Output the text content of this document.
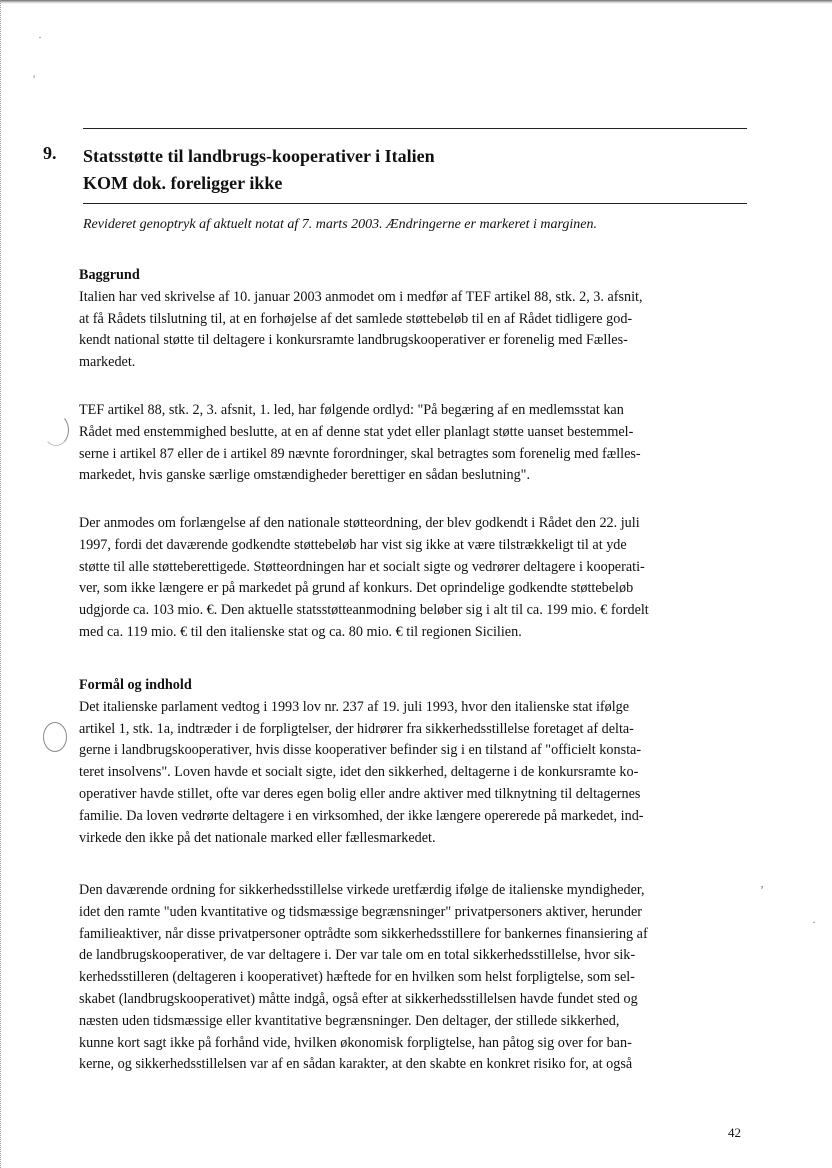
·
'
9. Statsstøtte til landbrugs-kooperativer i Italien
KOM dok. foreligger ikke
Revideret genoptryk af aktuelt notat af 7. marts 2003. Ændringerne er markeret i marginen.
Baggrund

Italien har ved skrivelse af 10. januar 2003 anmodet om i medfør af TEF artikel 88, stk. 2, 3. afsnit,
at få Rådets tilslutning til, at en forhøjelse af det samlede støttebeløb til en af Rådet tidligere god-
kendt national støtte til deltagere i konkursramte landbrugskooperativer er forenelig med Fælles-
markedet.

TEF artikel 88, stk. 2, 3. afsnit, 1. led, har følgende ordlyd: "På begæring af en medlemsstat kan
Rådet med enstemmighed beslutte, at en af denne stat ydet eller planlagt støtte uanset bestemmel-
serne i artikel 87 eller de i artikel 89 nævnte forordninger, skal betragtes som forenelig med fælles-
markedet, hvis ganske særlige omstændigheder berettiger en sådan beslutning".

Der anmodes om forlængelse af den nationale støtteordning, der blev godkendt i Rådet den 22. juli
1997, fordi det daværende godkendte støttebeløb har vist sig ikke at være tilstrækkeligt til at yde
støtte til alle støtteberettigede. Støtteordningen har et socialt sigte og vedrører deltagere i kooperati-
ver, som ikke længere er på markedet på grund af konkurs. Det oprindelige godkendte støttebeløb
udgjorde ca. 103 mio. €. Den aktuelle statsstøtteanmodning beløber sig i alt til ca. 199 mio. € fordelt
med ca. 119 mio. € til den italienske stat og ca. 80 mio. € til regionen Sicilien.

Formål og indhold

Det italienske parlament vedtog i 1993 lov nr. 237 af 19. juli 1993, hvor den italienske stat ifølge
artikel 1, stk. 1a, indtræder i de forpligtelser, der hidrører fra sikkerhedsstillelse foretaget af delta-
gerne i landbrugskooperativer, hvis disse kooperativer befinder sig i en tilstand af "officielt konsta-
teret insolvens". Loven havde et socialt sigte, idet den sikkerhed, deltagerne i de konkursramte ko-
operativer havde stillet, ofte var deres egen bolig eller andre aktiver med tilknytning til deltagernes
familie. Da loven vedrørte deltagere i en virksomhed, der ikke længere opererede på markedet, ind-
virkede den ikke på det nationale marked eller fællesmarkedet.

‚
·

Den daværende ordning for sikkerhedsstillelse virkede uretfærdig ifølge de italienske myndigheder,
idet den ramte "uden kvantitative og tidsmæssige begrænsninger" privatpersoners aktiver, herunder
familieaktiver, når disse privatpersoner optrådte som sikkerhedsstillere for bankernes finansiering af
de landbrugskooperativer, de var deltagere i. Der var tale om en total sikkerhedsstillelse, hvor sik-
kerhedsstilleren (deltageren i kooperativet) hæftede for en hvilken som helst forpligtelse, som sel-
skabet (landbrugskooperativet) måtte indgå, også efter at sikkerhedsstillelsen havde fundet sted og
næsten uden tidsmæssige eller kvantitative begrænsninger. Den deltager, der stillede sikkerhed,
kunne kort sagt ikke på forhånd vide, hvilken økonomisk forpligtelse, han påtog sig over for ban-
kerne, og sikkerhedsstillelsen var af en sådan karakter, at den skabte en konkret risiko for, at også

42
